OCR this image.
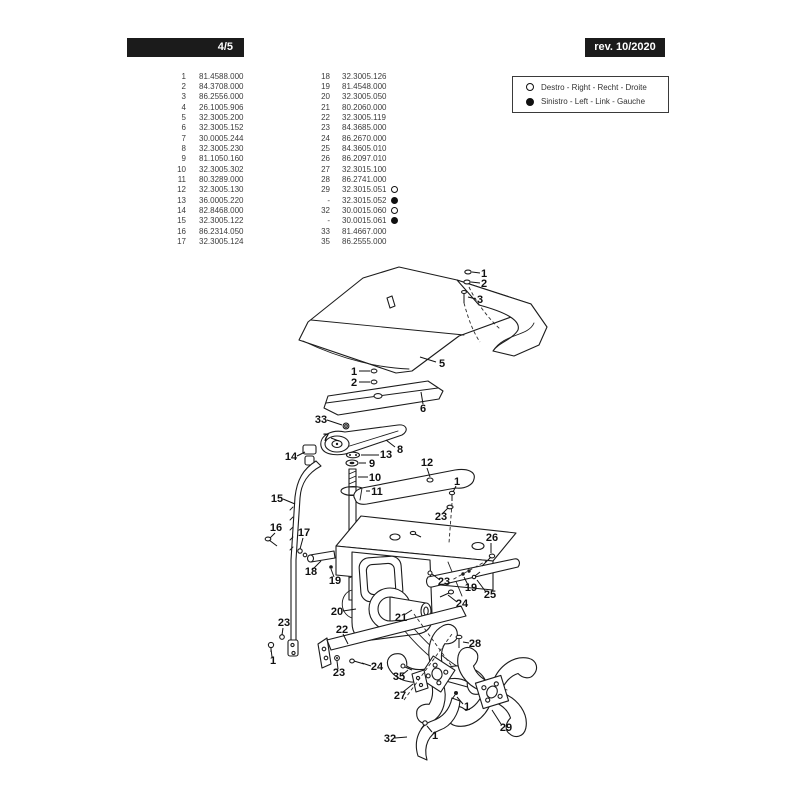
4/5	rev. 10/2020
1 81.4588.000
2 84.3708.000
3 86.2556.000
4 26.1005.906
5 32.3005.200
6 32.3005.152
7 30.0005.244
8 32.3005.230
9 81.1050.160
10 32.3005.302
11 80.3289.000
12 32.3005.130
13 36.0005.220
14 82.8468.000
15 32.3005.122
16 86.2314.050
17 32.3005.124
18 32.3005.126
19 81.4548.000
20 32.3005.050
21 80.2060.000
22 32.3005.119
23 84.3685.000
24 86.2670.000
25 84.3605.010
26 86.2097.010
27 32.3015.100
28 86.2741.000
29 32.3015.051
- 32.3015.052
32 30.0015.060
- 30.0015.061
33 81.4667.000
35 86.2555.000
Destro - Right - Recht - Droite
Sinistro - Left - Link - Gauche
1
2
3
5
1
2
6
33
7
8
13
9
14
10
11
12
1
23
15
16 17
18
19
26
23 19
25
24
20	21
22
23
1
23 24
28
35
27
1
29
32	1
